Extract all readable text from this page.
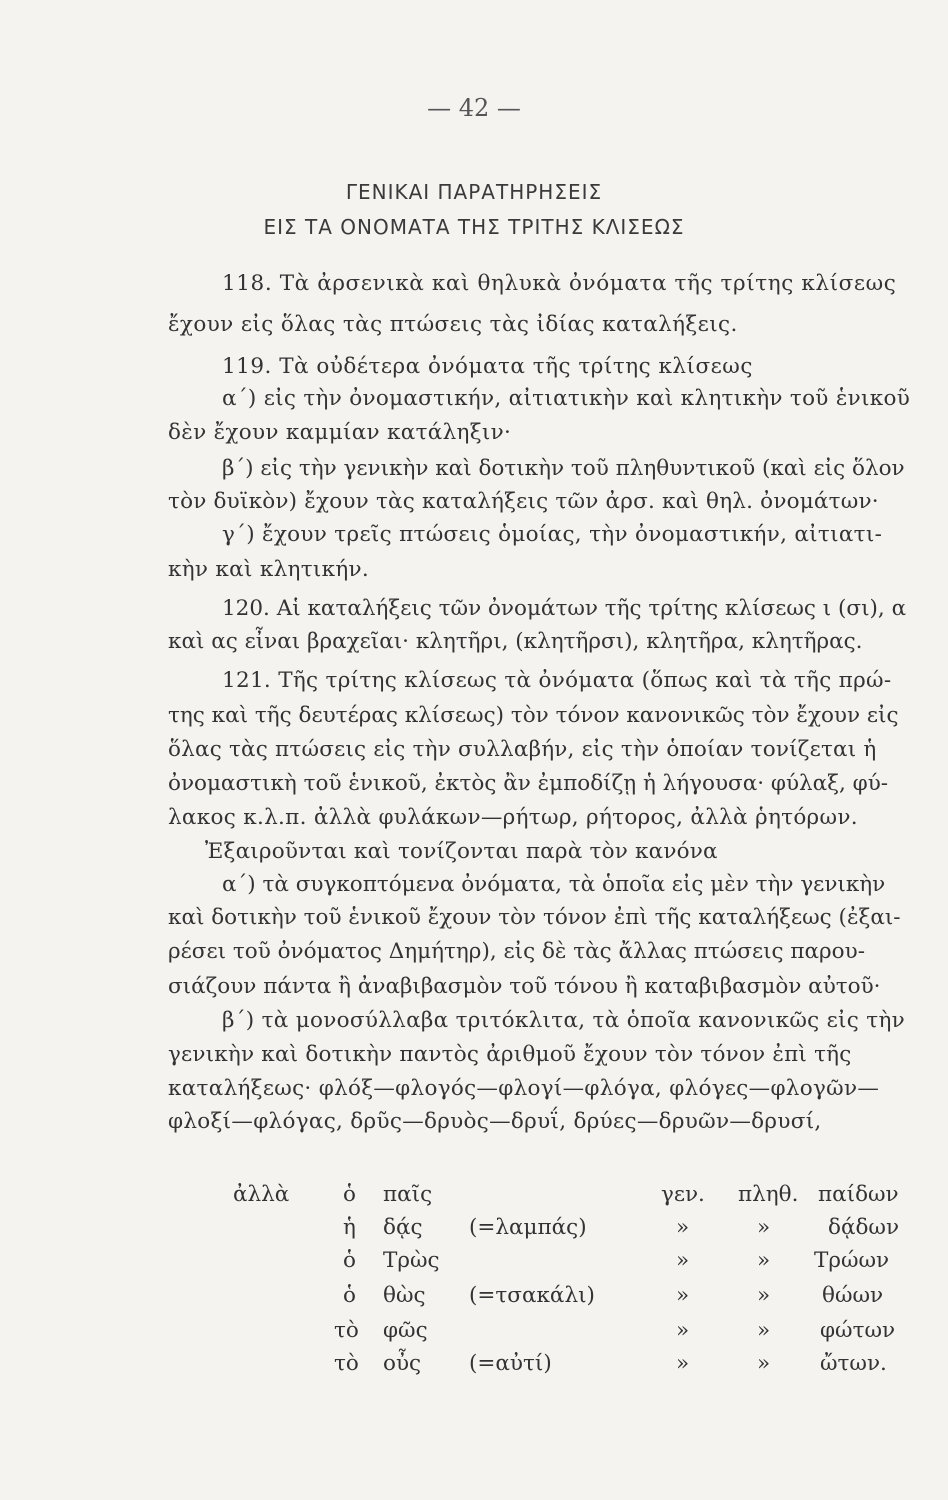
— 42 —
ΓΕΝΙΚΑΙ ΠΑΡΑΤΗΡΗΣΕΙΣ
ΕΙΣ ΤΑ ΟΝΟΜΑΤΑ ΤΗΣ ΤΡΙΤΗΣ ΚΛΙΣΕΩΣ
118. Τὰ ἀρσενικὰ καὶ θηλυκὰ ὀνόματα τῆς τρίτης κλίσεως
ἔχουν εἰς ὅλας τὰς πτώσεις τὰς ἰδίας καταλήξεις.
119. Τὰ οὐδέτερα ὀνόματα τῆς τρίτης κλίσεως
α΄) εἰς τὴν ὀνομαστικήν, αἰτιατικὴν καὶ κλητικὴν τοῦ ἑνικοῦ
δὲν ἔχουν καμμίαν κατάληξιν·
β΄) εἰς τὴν γενικὴν καὶ δοτικὴν τοῦ πληθυντικοῦ (καὶ εἰς ὅλον
τὸν δυϊκὸν) ἔχουν τὰς καταλήξεις τῶν ἀρσ. καὶ θηλ. ὀνομάτων·
γ΄) ἔχουν τρεῖς πτώσεις ὁμοίας, τὴν ὀνομαστικήν, αἰτιατι-
κὴν καὶ κλητικήν.
120. Αἱ καταλήξεις τῶν ὀνομάτων τῆς τρίτης κλίσεως ι (σι), α
καὶ ας εἶναι βραχεῖαι· κλητῆρι, (κλητῆρσι), κλητῆρα, κλητῆρας.
121. Τῆς τρίτης κλίσεως τὰ ὀνόματα (ὅπως καὶ τὰ τῆς πρώ-
της καὶ τῆς δευτέρας κλίσεως) τὸν τόνον κανονικῶς τὸν ἔχουν εἰς
ὅλας τὰς πτώσεις εἰς τὴν συλλαβήν, εἰς τὴν ὁποίαν τονίζεται ἡ
ὀνομαστικὴ τοῦ ἑνικοῦ, ἐκτὸς ἂν ἐμποδίζῃ ἡ λήγουσα· φύλαξ, φύ-
λακος κ.λ.π. ἀλλὰ φυλάκων—ρήτωρ, ρήτορος, ἀλλὰ ῥητόρων.
Ἐξαιροῦνται καὶ τονίζονται παρὰ τὸν κανόνα
α΄) τὰ συγκοπτόμενα ὀνόματα, τὰ ὁποῖα εἰς μὲν τὴν γενικὴν
καὶ δοτικὴν τοῦ ἑνικοῦ ἔχουν τὸν τόνον ἐπὶ τῆς καταλήξεως (ἐξαι-
ρέσει τοῦ ὀνόματος Δημήτηρ), εἰς δὲ τὰς ἄλλας πτώσεις παρου-
σιάζουν πάντα ἢ ἀναβιβασμὸν τοῦ τόνου ἢ καταβιβασμὸν αὐτοῦ·
β΄) τὰ μονοσύλλαβα τριτόκλιτα, τὰ ὁποῖα κανονικῶς εἰς τὴν
γενικὴν καὶ δοτικὴν παντὸς ἀριθμοῦ ἔχουν τὸν τόνον ἐπὶ τῆς
καταλήξεως· φλόξ—φλογός—φλογί—φλόγα, φλόγες—φλογῶν—
φλοξί—φλόγας, δρῦς—δρυὸς—δρυΐ, δρύες—δρυῶν—δρυσί,
ἀλλὰ ὁ παῖς	γεν. πληθ. παίδων
ἡ δᾴς (=λαμπάς)	»	»	δᾴδων
ὁ Τρὼς	»	» Τρώων
ὁ θὼς (=τσακάλι)	»	» θώων
τὸ φῶς	»	» φώτων
τὸ οὖς (=αὐτί)	»	» ὤτων.
